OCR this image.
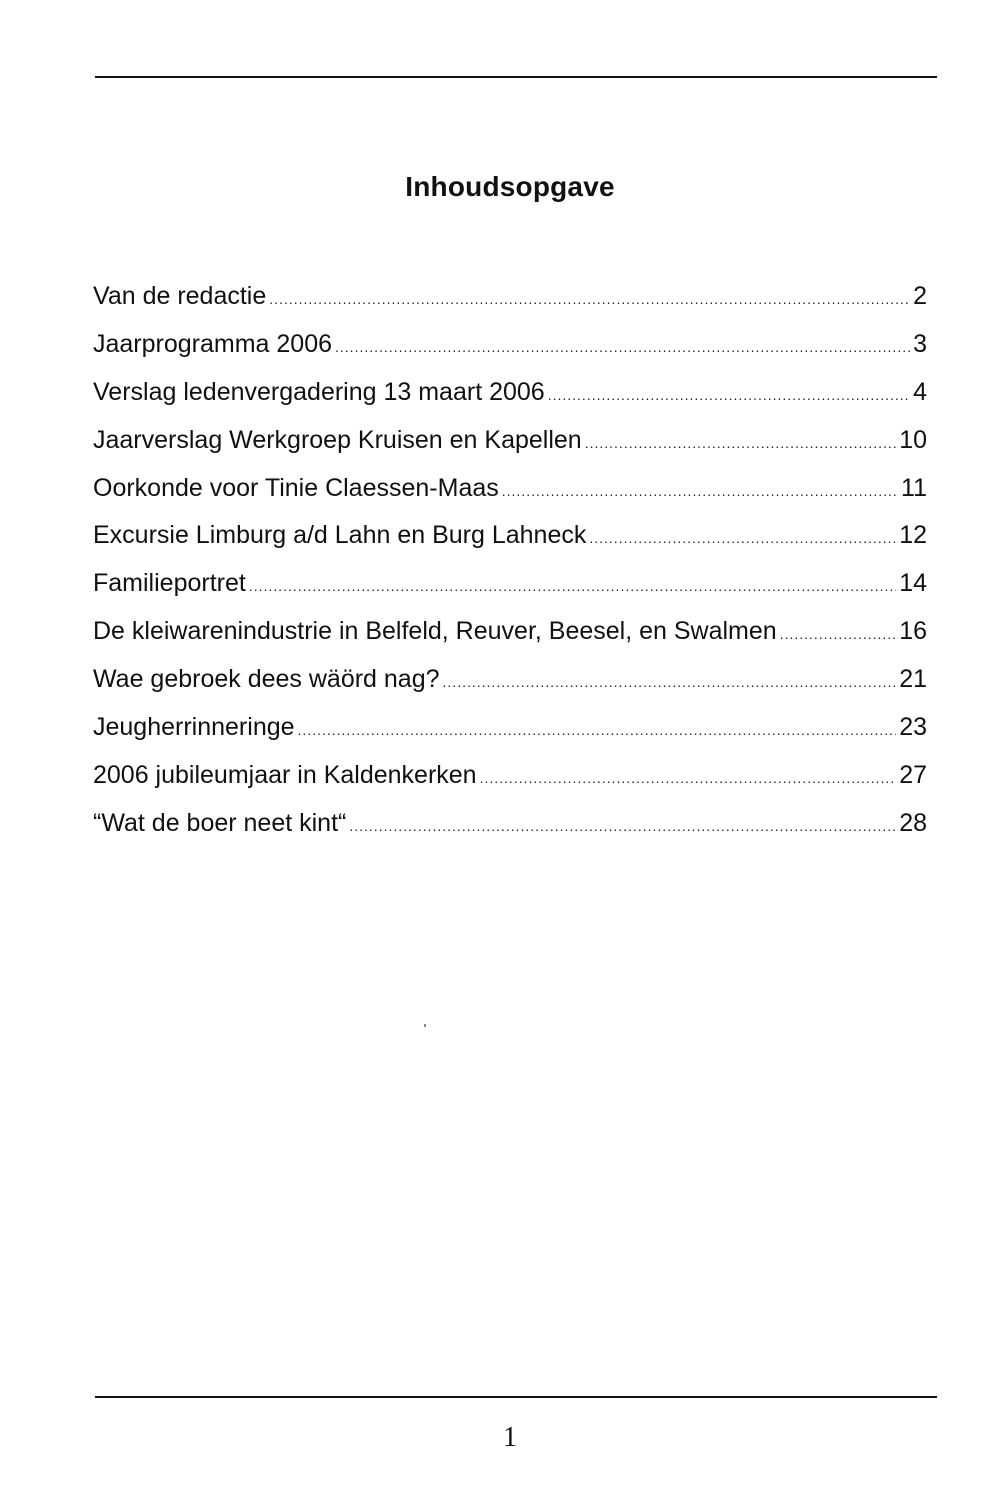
Inhoudsopgave
Van de redactie .....	2
Jaarprogramma 2006 .....	3
Verslag ledenvergadering 13 maart 2006 .....	4
Jaarverslag Werkgroep Kruisen en Kapellen .....	10
Oorkonde voor Tinie Claessen-Maas .....	11
Excursie Limburg a/d Lahn en Burg Lahneck .....	12
Familieportret .....	14
De kleiwarenindustrie in Belfeld, Reuver, Beesel, en Swalmen .....	16
Wae gebroek dees wäörd nag? .....	21
Jeugherrinneringe .....	23
2006 jubileumjaar in Kaldenkerken .....	27
“Wat de boer neet kint“ .....	28
1
